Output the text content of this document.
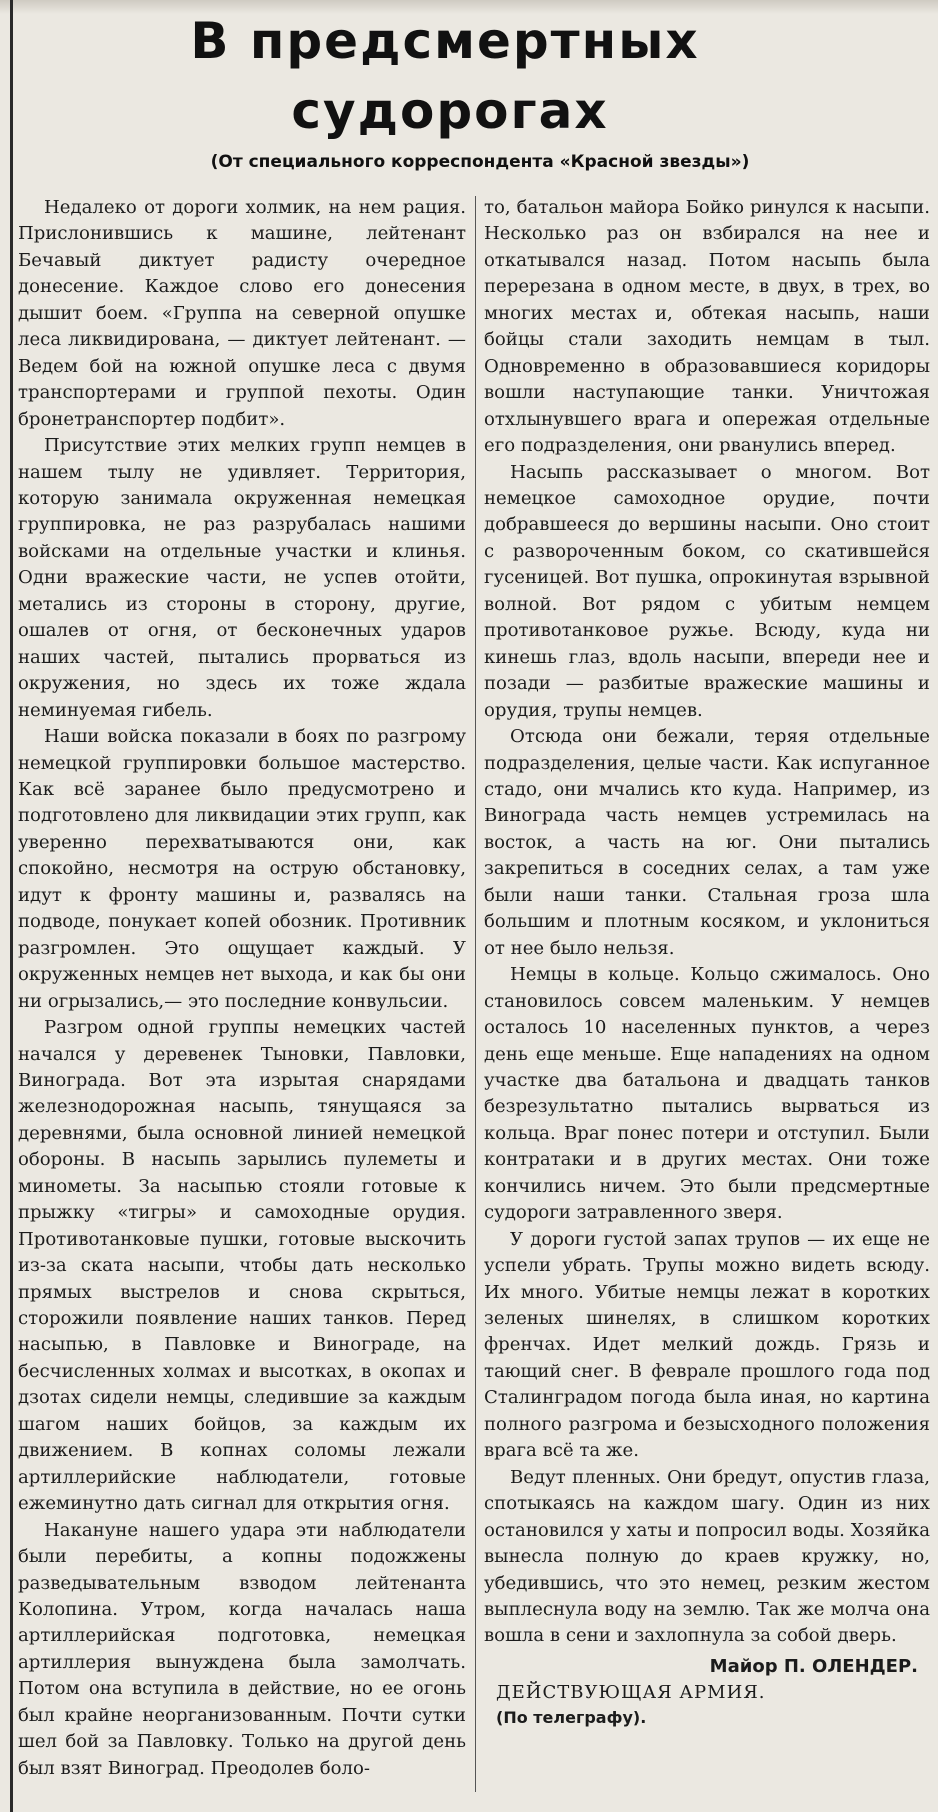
В предсмертных
судорогах
(От специального корреспондента «Красной звезды»)

Недалеко от дороги холмик, на нем рация. Прислонившись к машине, лейтенант Бечавый диктует радисту очередное донесение. Каждое слово его донесения дышит боем. «Группа на северной опушке леса ликвидирована, — диктует лейтенант. — Ведем бой на южной опушке леса с двумя транспортерами и группой пехоты. Один бронетранспортер подбит».

Присутствие этих мелких групп немцев в нашем тылу не удивляет. Территория, которую занимала окруженная немецкая группировка, не раз разрубалась нашими войсками на отдельные участки и клинья. Одни вражеские части, не успев отойти, метались из стороны в сторону, другие, ошалев от огня, от бесконечных ударов наших частей, пытались прорваться из окружения, но здесь их тоже ждала неминуемая гибель.

Наши войска показали в боях по разгрому немецкой группировки большое мастерство. Как всё заранее было предусмотрено и подготовлено для ликвидации этих групп, как уверенно перехватываются они, как спокойно, несмотря на острую обстановку, идут к фронту машины и, развалясь на подводе, понукает копей обозник. Противник разгромлен. Это ощущает каждый. У окруженных немцев нет выхода, и как бы они ни огрызались,— это последние конвульсии.

Разгром одной группы немецких частей начался у деревенек Тыновки, Павловки, Винограда. Вот эта изрытая снарядами железнодорожная насыпь, тянущаяся за деревнями, была основной линией немецкой обороны. В насыпь зарылись пулеметы и минометы. За насыпью стояли готовые к прыжку «тигры» и самоходные орудия. Противотанковые пушки, готовые выскочить из-за ската насыпи, чтобы дать несколько прямых выстрелов и снова скрыться, сторожили появление наших танков. Перед насыпью, в Павловке и Винограде, на бесчисленных холмах и высотках, в окопах и дзотах сидели немцы, следившие за каждым шагом наших бойцов, за каждым их движением. В копнах соломы лежали артиллерийские наблюдатели, готовые ежеминутно дать сигнал для открытия огня.

Накануне нашего удара эти наблюдатели были перебиты, а копны подожжены разведывательным взводом лейтенанта Колопина. Утром, когда началась наша артиллерийская подготовка, немецкая артиллерия вынуждена была замолчать. Потом она вступила в действие, но ее огонь был крайне неорганизованным. Почти сутки шел бой за Павловку. Только на другой день был взят Виноград. Преодолев боло-

то, батальон майора Бойко ринулся к насыпи. Несколько раз он взбирался на нее и откатывался назад. Потом насыпь была перерезана в одном месте, в двух, в трех, во многих местах и, обтекая насыпь, наши бойцы стали заходить немцам в тыл. Одновременно в образовавшиеся коридоры вошли наступающие танки. Уничтожая отхлынувшего врага и опережая отдельные его подразделения, они рванулись вперед.

Насыпь рассказывает о многом. Вот немецкое самоходное орудие, почти добравшееся до вершины насыпи. Оно стоит с развороченным боком, со скатившейся гусеницей. Вот пушка, опрокинутая взрывной волной. Вот рядом с убитым немцем противотанковое ружье. Всюду, куда ни кинешь глаз, вдоль насыпи, впереди нее и позади — разбитые вражеские машины и орудия, трупы немцев.

Отсюда они бежали, теряя отдельные подразделения, целые части. Как испуганное стадо, они мчались кто куда. Например, из Винограда часть немцев устремилась на восток, а часть на юг. Они пытались закрепиться в соседних селах, а там уже были наши танки. Стальная гроза шла большим и плотным косяком, и уклониться от нее было нельзя.

Немцы в кольце. Кольцо сжималось. Оно становилось совсем маленьким. У немцев осталось 10 населенных пунктов, а через день еще меньше. Еще нападениях на одном участке два батальона и двадцать танков безрезультатно пытались вырваться из кольца. Враг понес потери и отступил. Были контратаки и в других местах. Они тоже кончились ничем. Это были предсмертные судороги затравленного зверя.

У дороги густой запах трупов — их еще не успели убрать. Трупы можно видеть всюду. Их много. Убитые немцы лежат в коротких зеленых шинелях, в слишком коротких френчах. Идет мелкий дождь. Грязь и тающий снег. В феврале прошлого года под Сталинградом погода была иная, но картина полного разгрома и безысходного положения врага всё та же.

Ведут пленных. Они бредут, опустив глаза, спотыкаясь на каждом шагу. Один из них остановился у хаты и попросил воды. Хозяйка вынесла полную до краев кружку, но, убедившись, что это немец, резким жестом выплеснула воду на землю. Так же молча она вошла в сени и захлопнула за собой дверь.

Майор П. ОЛЕНДЕР.
ДЕЙСТВУЮЩАЯ АРМИЯ.
(По телеграфу).
